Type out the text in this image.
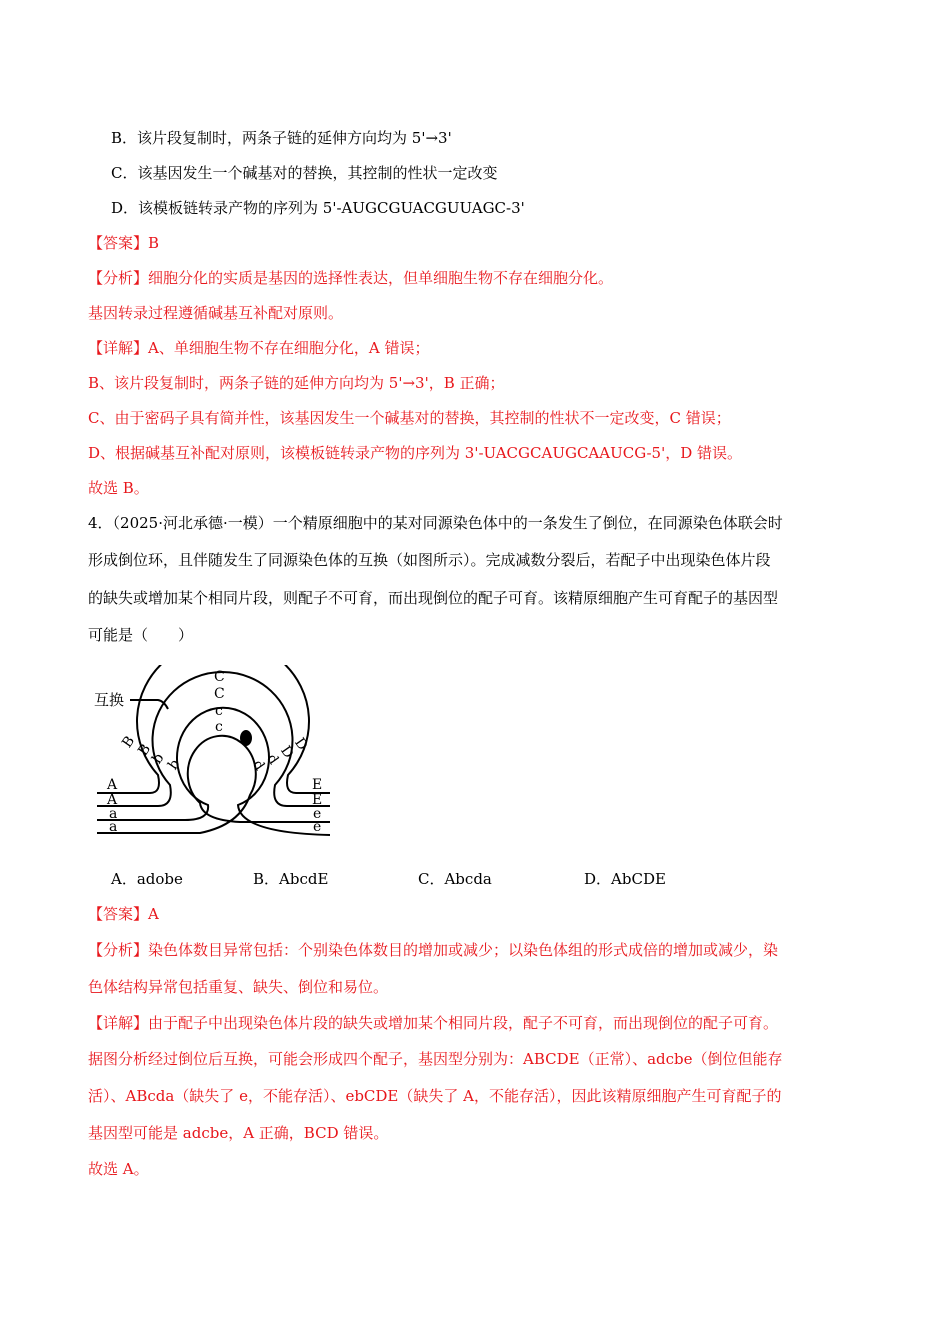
B．该片段复制时，两条子链的延伸方向均为 5'→3'
C．该基因发生一个碱基对的替换，其控制的性状一定改变
D．该模板链转录产物的序列为 5'-AUGCGUACGUUAGC-3'
【答案】B
【分析】细胞分化的实质是基因的选择性表达，但单细胞生物不存在细胞分化。
基因转录过程遵循碱基互补配对原则。
【详解】A、单细胞生物不存在细胞分化，A 错误；
B、该片段复制时，两条子链的延伸方向均为 5'→3'，B 正确；
C、由于密码子具有简并性，该基因发生一个碱基对的替换，其控制的性状不一定改变，C 错误；
D、根据碱基互补配对原则，该模板链转录产物的序列为 3'-UACGCAUGCAAUCG-5'，D 错误。
故选 B。
4．（2025·河北承德·一模）一个精原细胞中的某对同源染色体中的一条发生了倒位，在同源染色体联会时
形成倒位环，且伴随发生了同源染色体的互换（如图所示）。完成减数分裂后，若配子中出现染色体片段
的缺失或增加某个相同片段，则配子不可育，而出现倒位的配子可育。该精原细胞产生可育配子的基因型
可能是（　　）
互换
C
C
c
c
B
B
b
b
D
D
d
d
A
A
a
a
E
E
e
e
A．adobe	B．AbcdE	C．Abcda	D．AbCDE
【答案】A
【分析】染色体数目异常包括：个别染色体数目的增加或减少；以染色体组的形式成倍的增加或减少，染
色体结构异常包括重复、缺失、倒位和易位。
【详解】由于配子中出现染色体片段的缺失或增加某个相同片段，配子不可育，而出现倒位的配子可育。
据图分析经过倒位后互换，可能会形成四个配子，基因型分别为：ABCDE（正常）、adcbe（倒位但能存
活）、ABcda（缺失了 e，不能存活）、ebCDE（缺失了 A，不能存活），因此该精原细胞产生可育配子的
基因型可能是 adcbe，A 正确，BCD 错误。
故选 A。
